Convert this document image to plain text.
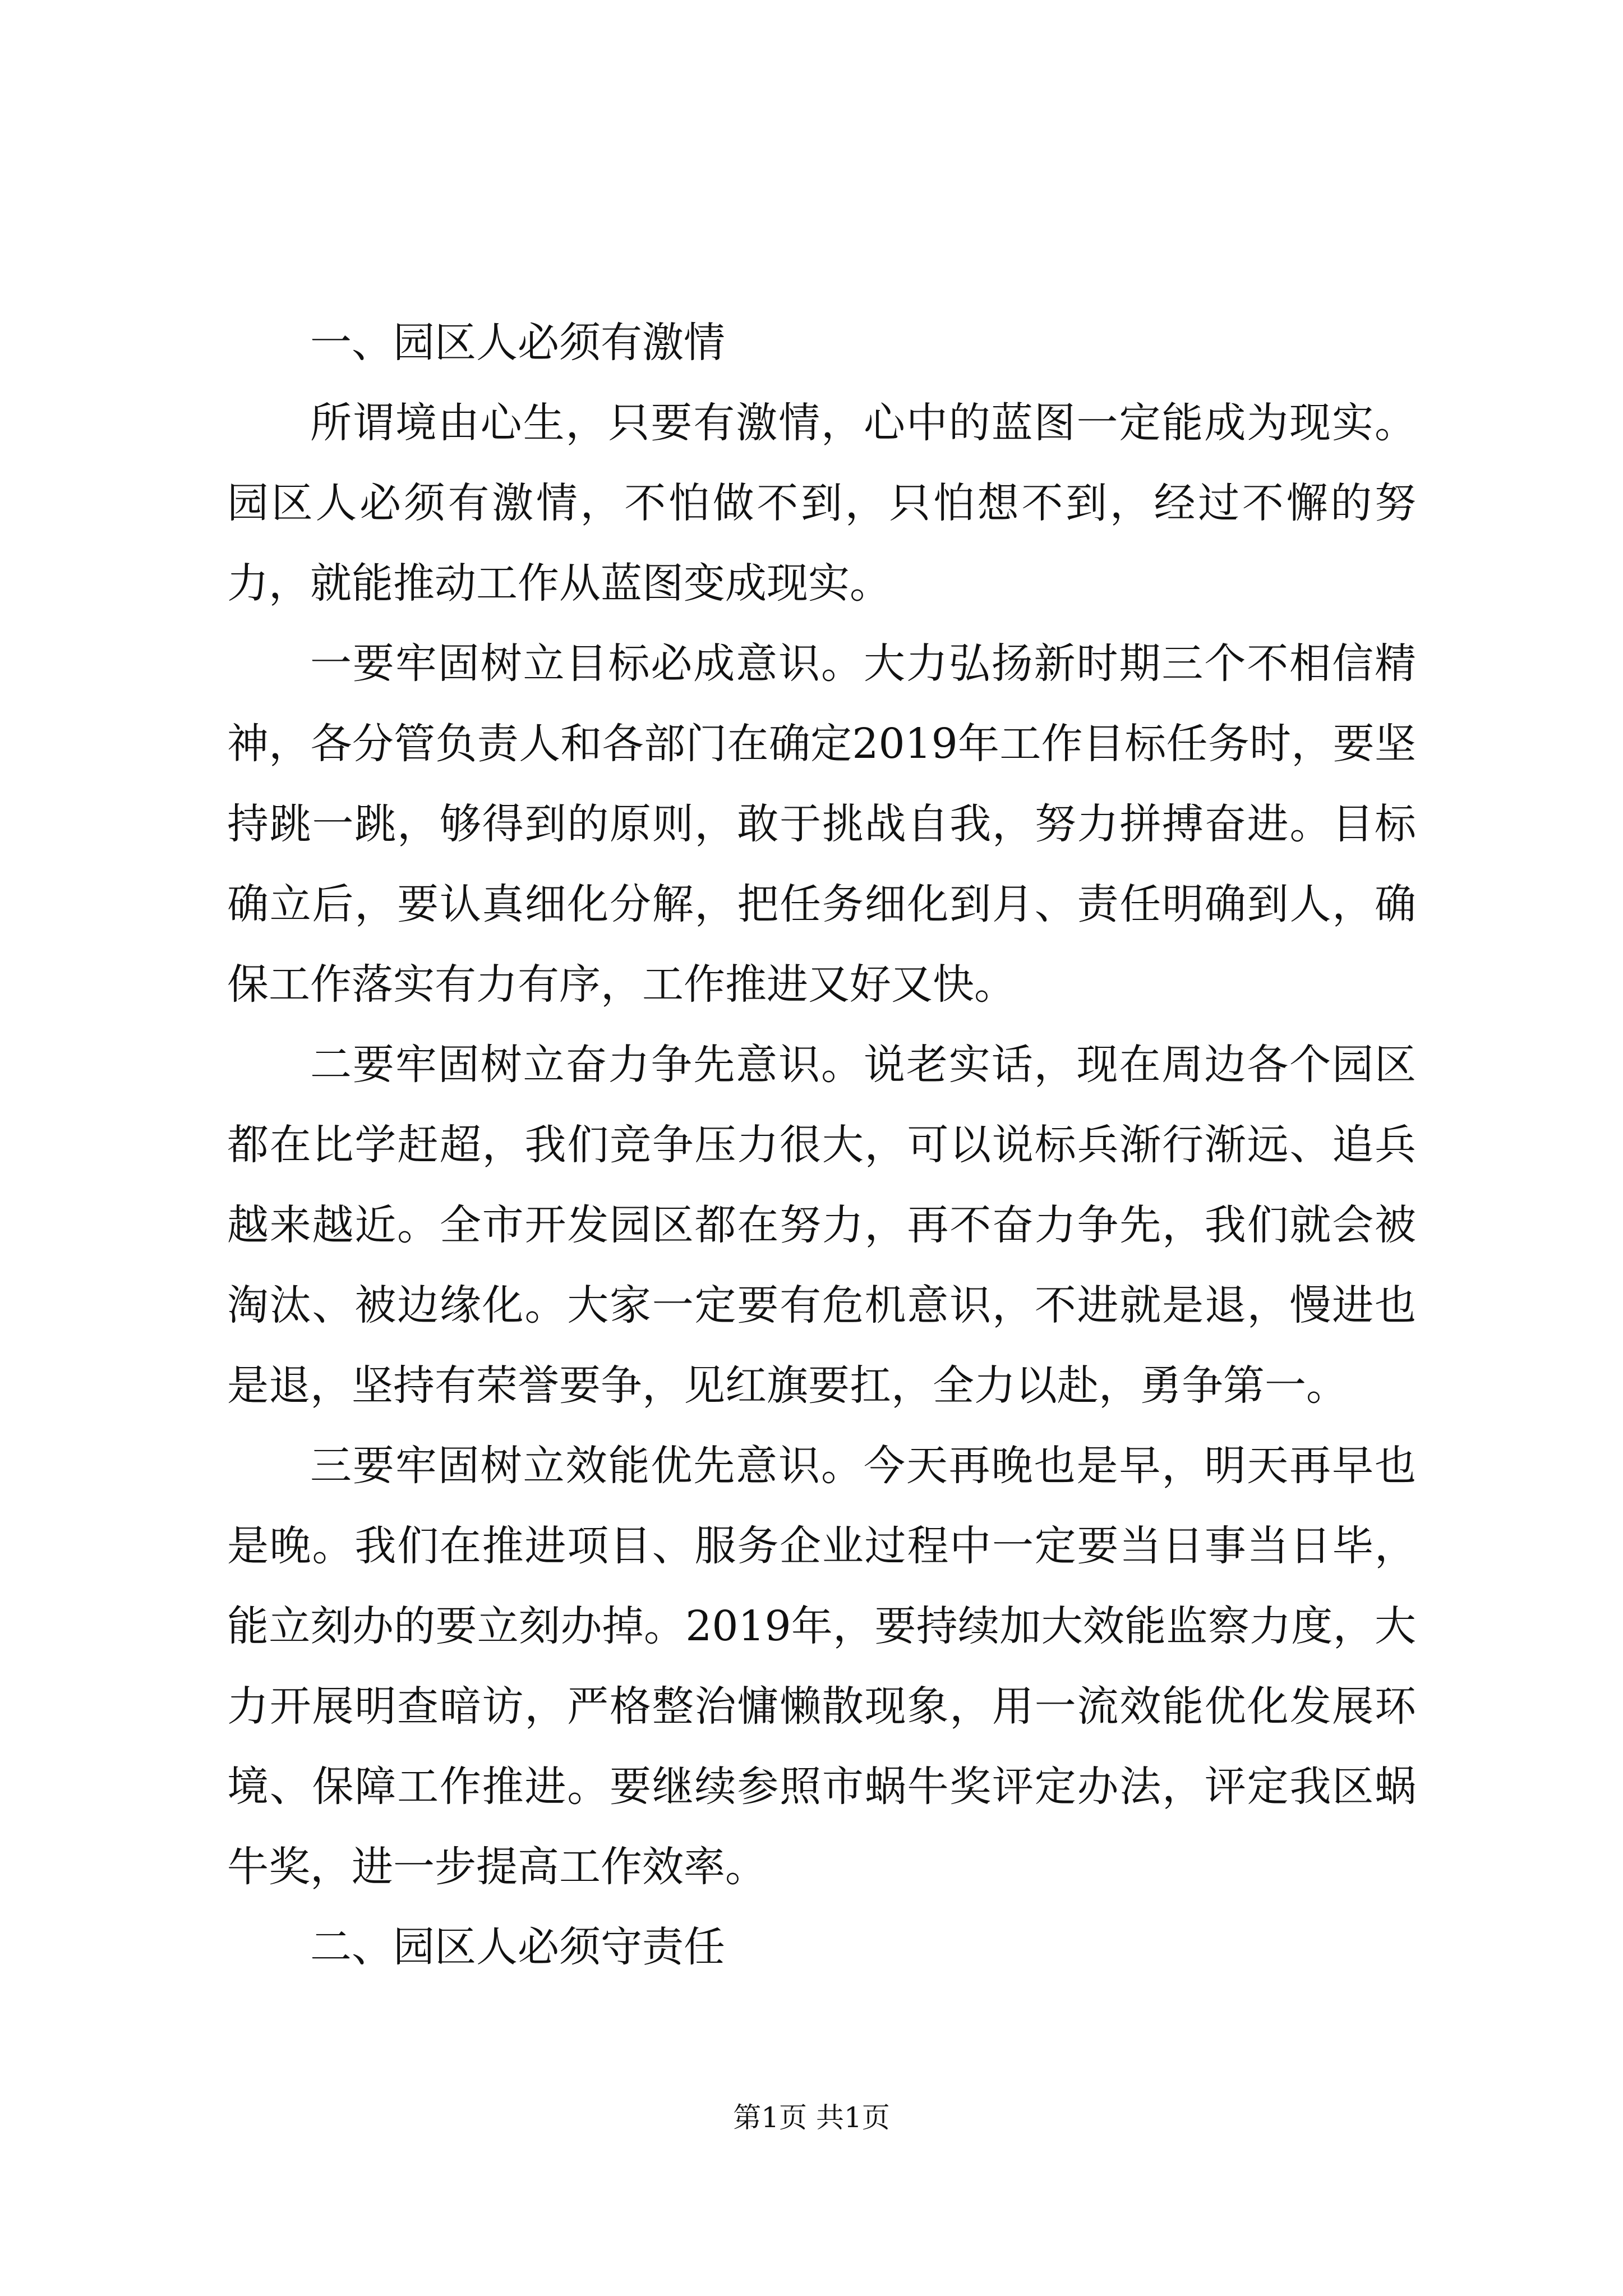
一、园区人必须有激情

所谓境由心生，只要有激情，心中的蓝图一定能成为现实。园区人必须有激情，不怕做不到，只怕想不到，经过不懈的努力，就能推动工作从蓝图变成现实。

一要牢固树立目标必成意识。大力弘扬新时期三个不相信精神，各分管负责人和各部门在确定2019年工作目标任务时，要坚持跳一跳，够得到的原则，敢于挑战自我，努力拼搏奋进。目标确立后，要认真细化分解，把任务细化到月、责任明确到人，确保工作落实有力有序，工作推进又好又快。

二要牢固树立奋力争先意识。说老实话，现在周边各个园区都在比学赶超，我们竞争压力很大，可以说标兵渐行渐远、追兵越来越近。全市开发园区都在努力，再不奋力争先，我们就会被淘汰、被边缘化。大家一定要有危机意识，不进就是退，慢进也是退，坚持有荣誉要争，见红旗要扛，全力以赴，勇争第一。

三要牢固树立效能优先意识。今天再晚也是早，明天再早也是晚。我们在推进项目、服务企业过程中一定要当日事当日毕，能立刻办的要立刻办掉。2019年，要持续加大效能监察力度，大力开展明查暗访，严格整治慵懒散现象，用一流效能优化发展环境、保障工作推进。要继续参照市蜗牛奖评定办法，评定我区蜗牛奖，进一步提高工作效率。

二、园区人必须守责任

第1页 共1页
